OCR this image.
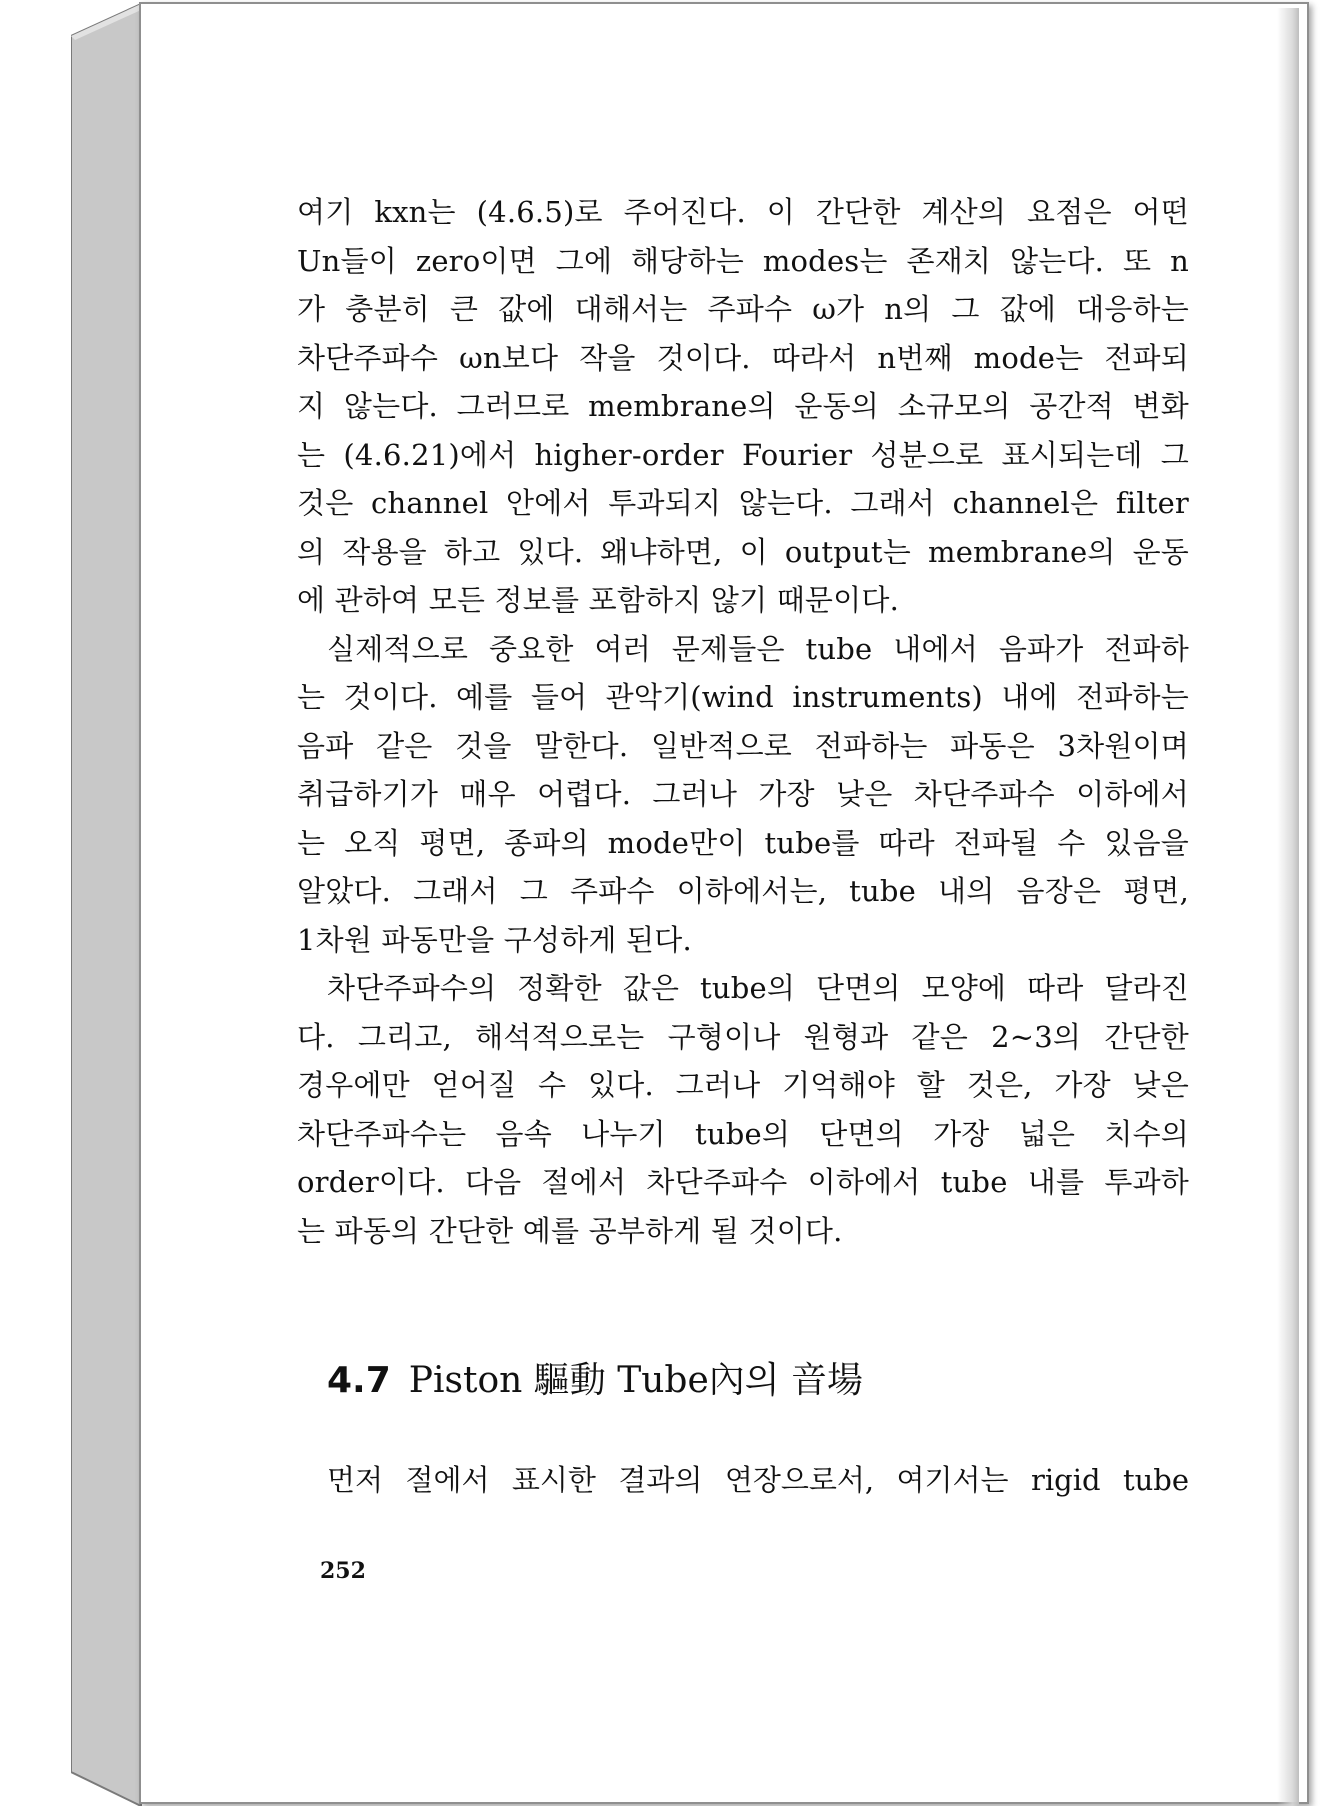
여기 kxn는 (4.6.5)로 주어진다. 이 간단한 계산의 요점은 어떤
Un들이 zero이면 그에 해당하는 modes는 존재치 않는다. 또 n
가 충분히 큰 값에 대해서는 주파수 ω가 n의 그 값에 대응하는
차단주파수 ωn보다 작을 것이다. 따라서 n번째 mode는 전파되
지 않는다. 그러므로 membrane의 운동의 소규모의 공간적 변화
는 (4.6.21)에서 higher-order Fourier 성분으로 표시되는데 그
것은 channel 안에서 투과되지 않는다. 그래서 channel은 filter
의 작용을 하고 있다. 왜냐하면, 이 output는 membrane의 운동
에 관하여 모든 정보를 포함하지 않기 때문이다.
실제적으로 중요한 여러 문제들은 tube 내에서 음파가 전파하
는 것이다. 예를 들어 관악기(wind instruments) 내에 전파하는
음파 같은 것을 말한다. 일반적으로 전파하는 파동은 3차원이며
취급하기가 매우 어렵다. 그러나 가장 낮은 차단주파수 이하에서
는 오직 평면, 종파의 mode만이 tube를 따라 전파될 수 있음을
알았다. 그래서 그 주파수 이하에서는, tube 내의 음장은 평면,
1차원 파동만을 구성하게 된다.
차단주파수의 정확한 값은 tube의 단면의 모양에 따라 달라진
다. 그리고, 해석적으로는 구형이나 원형과 같은 2~3의 간단한
경우에만 얻어질 수 있다. 그러나 기억해야 할 것은, 가장 낮은
차단주파수는 음속 나누기 tube의 단면의 가장 넓은 치수의
order이다. 다음 절에서 차단주파수 이하에서 tube 내를 투과하
는 파동의 간단한 예를 공부하게 될 것이다.
4.7 Piston 驅動 Tube內의 音場
먼저 절에서 표시한 결과의 연장으로서, 여기서는 rigid tube
252
